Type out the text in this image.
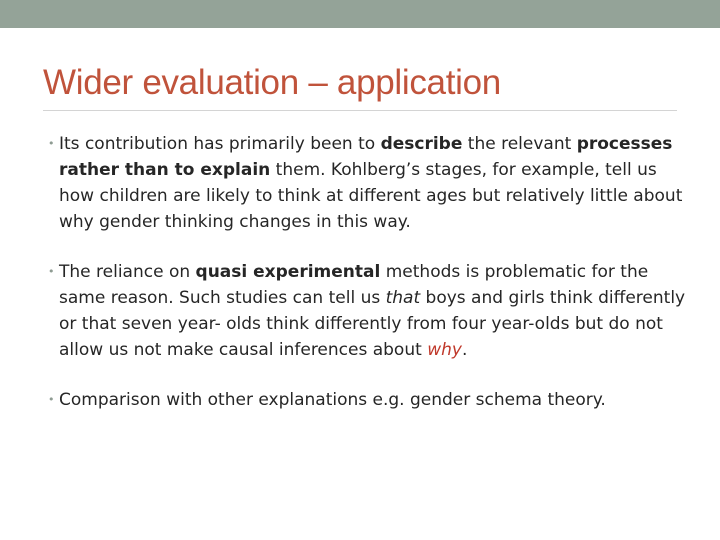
Wider evaluation – application
• Its contribution has primarily been to describe the relevant processes rather than to explain them. Kohlberg’s stages, for example, tell us how children are likely to think at different ages but relatively little about why gender thinking changes in this way.
• The reliance on quasi experimental methods is problematic for the same reason. Such studies can tell us that boys and girls think differently or that seven year- olds think differently from four year-olds but do not allow us not make causal inferences about why.
• Comparison with other explanations e.g. gender schema theory.
